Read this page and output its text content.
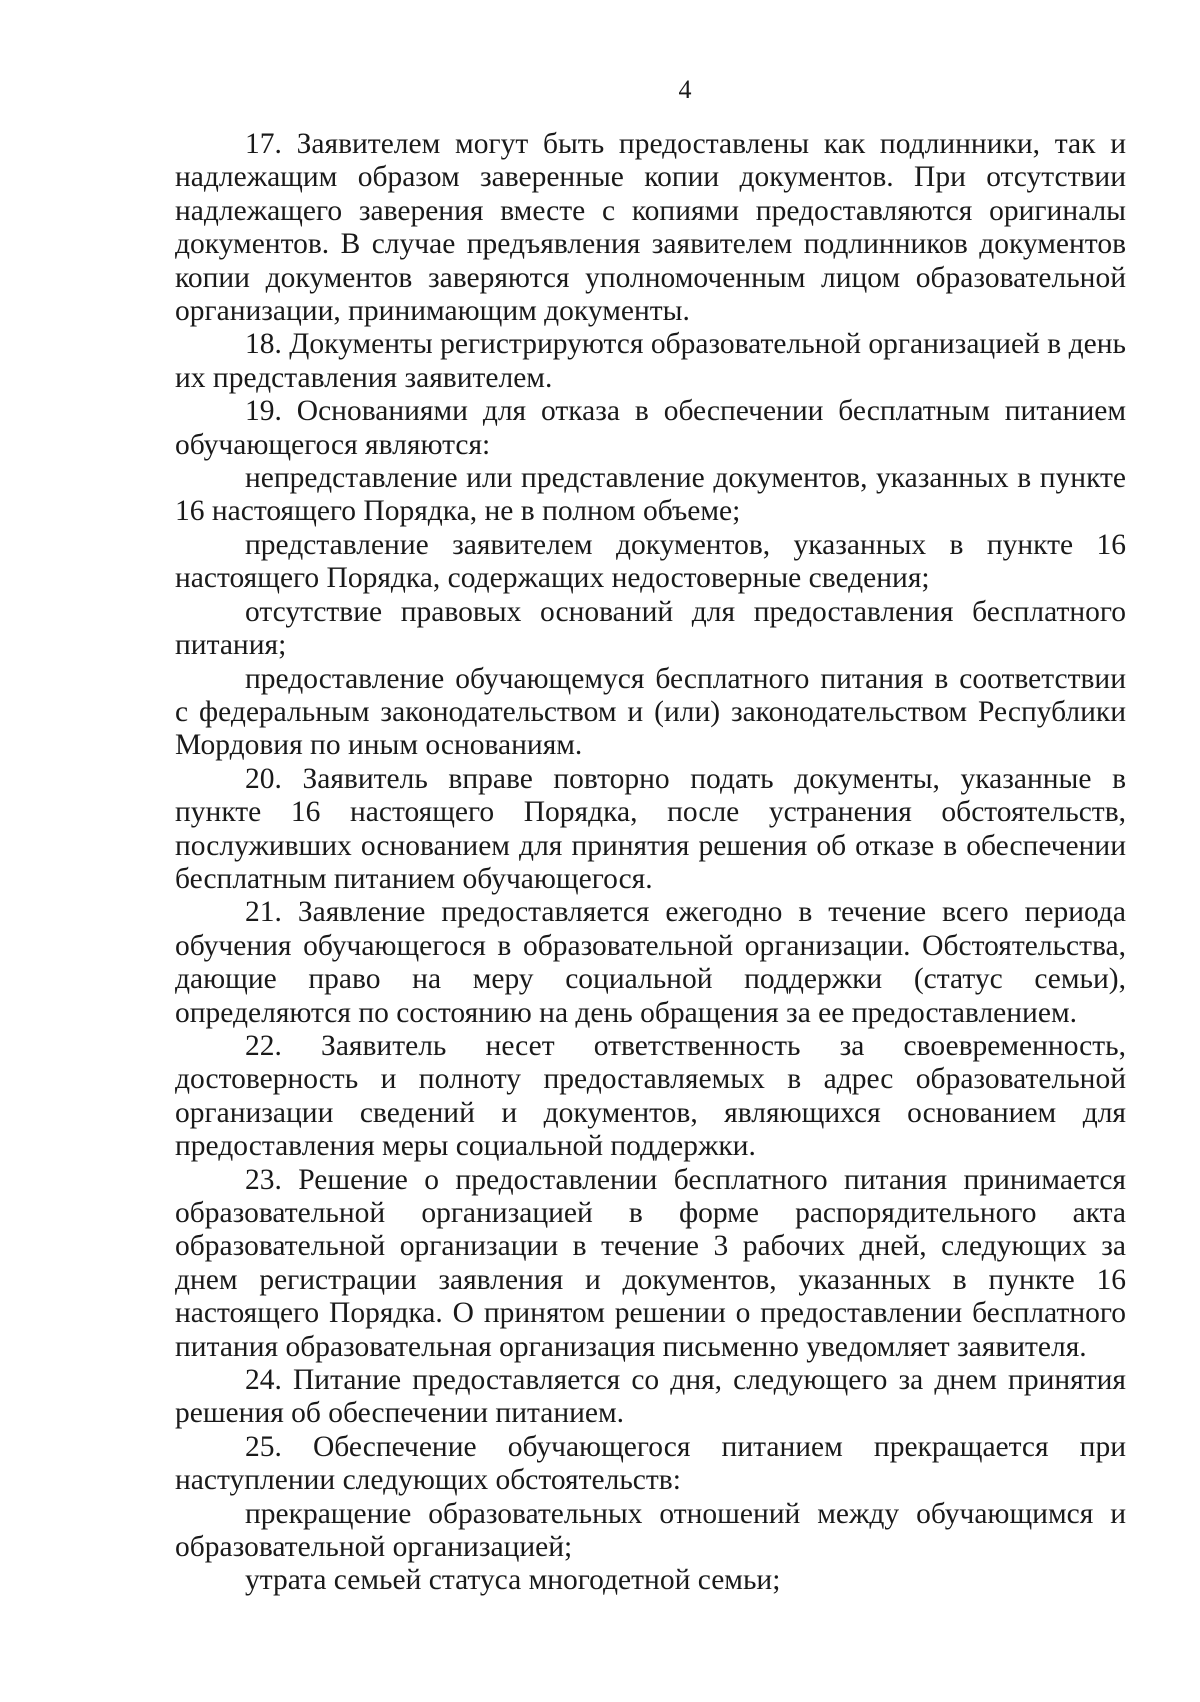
4

17. Заявителем могут быть предоставлены как подлинники, так и надлежащим образом заверенные копии документов. При отсутствии надлежащего заверения вместе с копиями предоставляются оригиналы документов. В случае предъявления заявителем подлинников документов копии документов заверяются уполномоченным лицом образовательной организации, принимающим документы.

18. Документы регистрируются образовательной организацией в день их представления заявителем.

19. Основаниями для отказа в обеспечении бесплатным питанием обучающегося являются:

непредставление или представление документов, указанных в пункте 16 настоящего Порядка, не в полном объеме;

представление заявителем документов, указанных в пункте 16 настоящего Порядка, содержащих недостоверные сведения;

отсутствие правовых оснований для предоставления бесплатного питания;

предоставление обучающемуся бесплатного питания в соответствии с федеральным законодательством и (или) законодательством Республики Мордовия по иным основаниям.

20. Заявитель вправе повторно подать документы, указанные в пункте 16 настоящего Порядка, после устранения обстоятельств, послуживших основанием для принятия решения об отказе в обеспечении бесплатным питанием обучающегося.

21. Заявление предоставляется ежегодно в течение всего периода обучения обучающегося в образовательной организации. Обстоятельства, дающие право на меру социальной поддержки (статус семьи), определяются по состоянию на день обращения за ее предоставлением.

22. Заявитель несет ответственность за своевременность, достоверность и полноту предоставляемых в адрес образовательной организации сведений и документов, являющихся основанием для предоставления меры социальной поддержки.

23. Решение о предоставлении бесплатного питания принимается образовательной организацией в форме распорядительного акта образовательной организации в течение 3 рабочих дней, следующих за днем регистрации заявления и документов, указанных в пункте 16 настоящего Порядка. О принятом решении о предоставлении бесплатного питания образовательная организация письменно уведомляет заявителя.

24. Питание предоставляется со дня, следующего за днем принятия решения об обеспечении питанием.

25. Обеспечение обучающегося питанием прекращается при наступлении следующих обстоятельств:

прекращение образовательных отношений между обучающимся и образовательной организацией;

утрата семьей статуса многодетной семьи;
